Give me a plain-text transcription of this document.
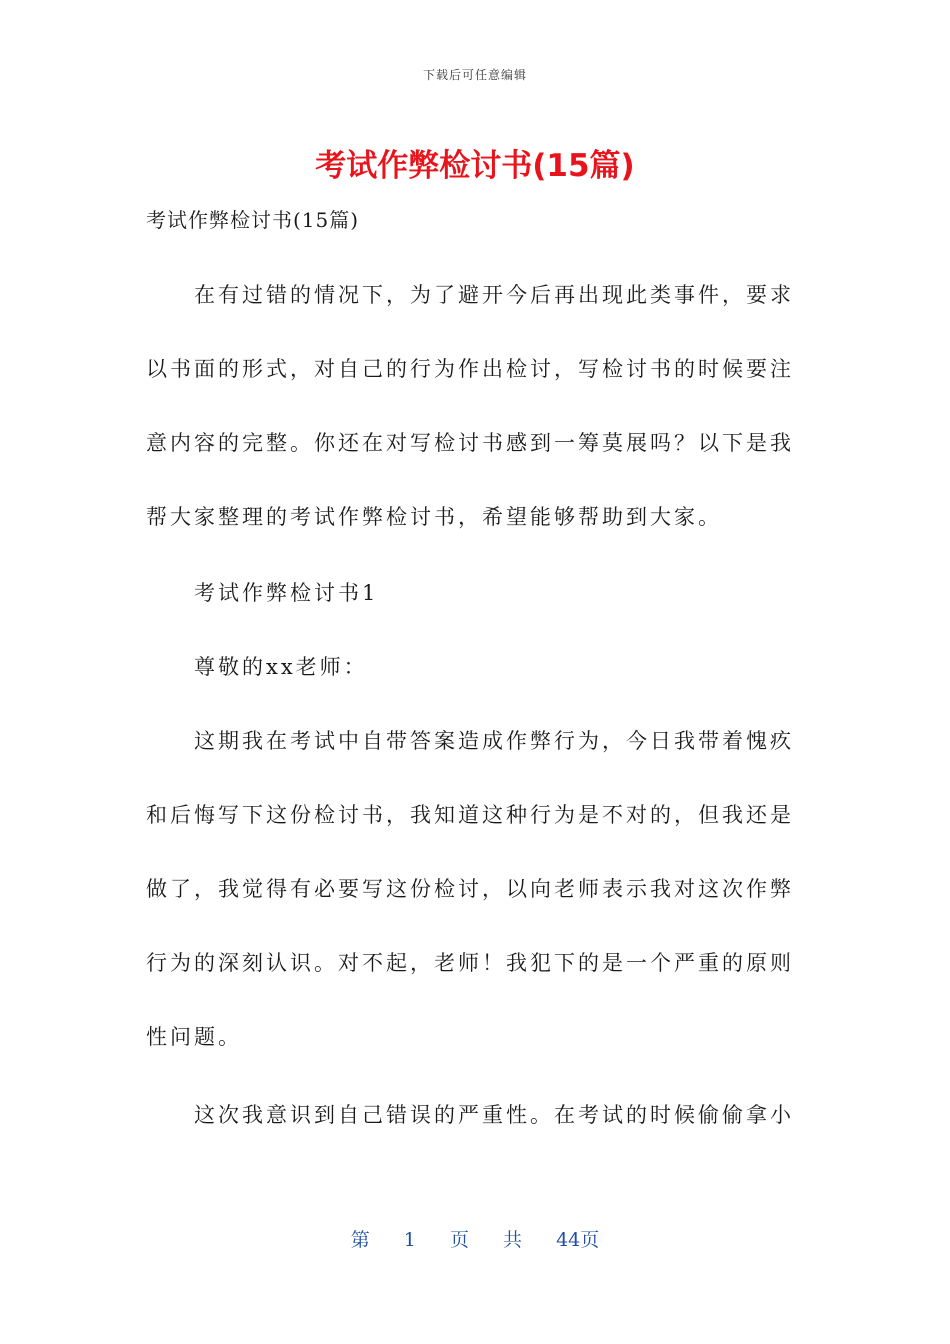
下载后可任意编辑
考试作弊检讨书(15篇)
考试作弊检讨书(15篇)
在有过错的情况下，为了避开今后再出现此类事件，要求
以书面的形式，对自己的行为作出检讨，写检讨书的时候要注
意内容的完整。你还在对写检讨书感到一筹莫展吗？以下是我
帮大家整理的考试作弊检讨书，希望能够帮助到大家。
考试作弊检讨书1
尊敬的xx老师：
这期我在考试中自带答案造成作弊行为，今日我带着愧疚
和后悔写下这份检讨书，我知道这种行为是不对的，但我还是
做了，我觉得有必要写这份检讨，以向老师表示我对这次作弊
行为的深刻认识。对不起，老师！我犯下的是一个严重的原则
性问题。
这次我意识到自己错误的严重性。在考试的时候偷偷拿小
第 1 页 共 44页
